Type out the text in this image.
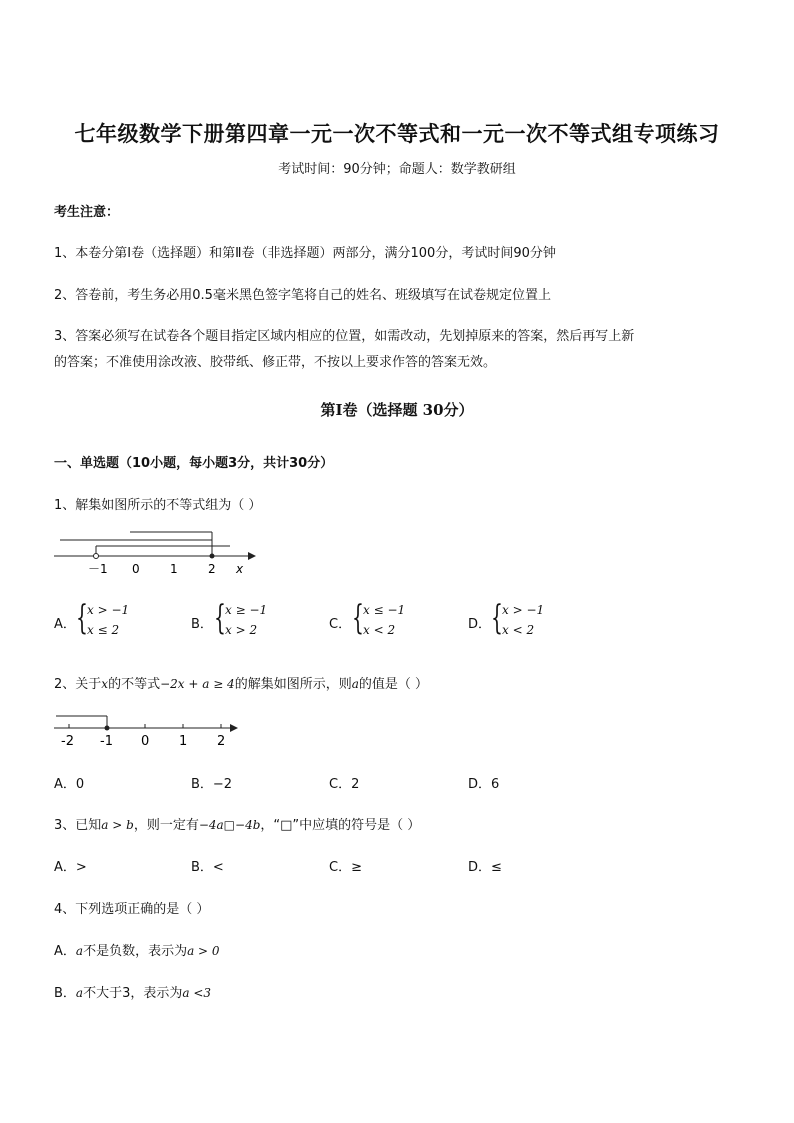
七年级数学下册第四章一元一次不等式和一元一次不等式组专项练习
考试时间：90分钟；命题人：数学教研组
考生注意：
1、本卷分第Ⅰ卷（选择题）和第Ⅱ卷（非选择题）两部分，满分100分，考试时间90分钟
2、答卷前，考生务必用0.5毫米黑色签字笔将自己的姓名、班级填写在试卷规定位置上
3、答案必须写在试卷各个题目指定区域内相应的位置，如需改动，先划掉原来的答案，然后再写上新
的答案；不准使用涂改液、胶带纸、修正带，不按以上要求作答的答案无效。
第Ⅰ卷（选择题 30分）
一、单选题（10小题，每小题3分，共计30分）
1、解集如图所示的不等式组为（ ）
－1 0	1	2 x
A． { x > −1
x ≤ 2	B． { x ≥ −1
x > 2	C． { x ≤ −1
x < 2	D． { x > −1
x < 2
2、关于x的不等式−2x + a ≥ 4的解集如图所示，则a的值是（ ）
-2 -1 0 1 2
A．0	B．−2	C．2	D．6
3、已知a > b，则一定有−4a□−4b，“□”中应填的符号是（ ）
A．>	B．<	C．≥	D．≤
4、下列选项正确的是（ ）
A．a不是负数，表示为a > 0
B．a不大于3，表示为a <3
